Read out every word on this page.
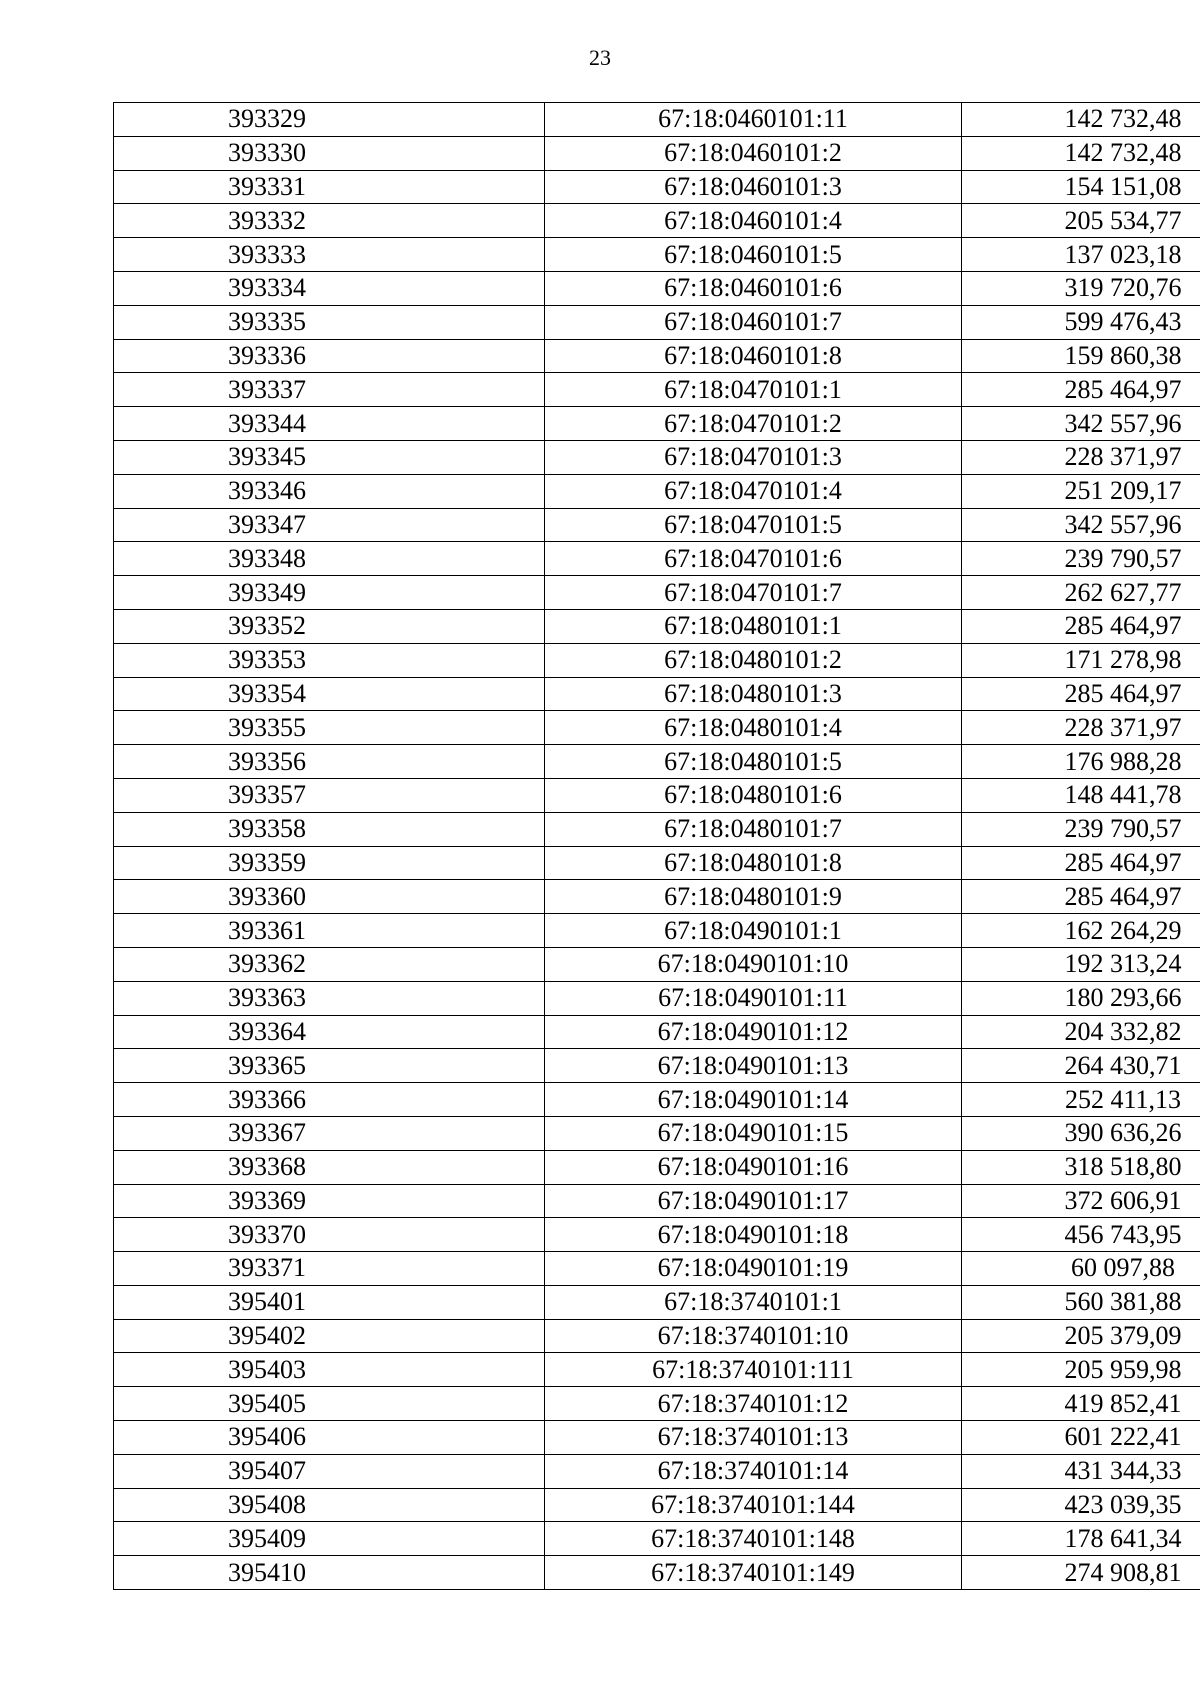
23
393329	67:18:0460101:11	142 732,48
393330	67:18:0460101:2	142 732,48
393331	67:18:0460101:3	154 151,08
393332	67:18:0460101:4	205 534,77
393333	67:18:0460101:5	137 023,18
393334	67:18:0460101:6	319 720,76
393335	67:18:0460101:7	599 476,43
393336	67:18:0460101:8	159 860,38
393337	67:18:0470101:1	285 464,97
393344	67:18:0470101:2	342 557,96
393345	67:18:0470101:3	228 371,97
393346	67:18:0470101:4	251 209,17
393347	67:18:0470101:5	342 557,96
393348	67:18:0470101:6	239 790,57
393349	67:18:0470101:7	262 627,77
393352	67:18:0480101:1	285 464,97
393353	67:18:0480101:2	171 278,98
393354	67:18:0480101:3	285 464,97
393355	67:18:0480101:4	228 371,97
393356	67:18:0480101:5	176 988,28
393357	67:18:0480101:6	148 441,78
393358	67:18:0480101:7	239 790,57
393359	67:18:0480101:8	285 464,97
393360	67:18:0480101:9	285 464,97
393361	67:18:0490101:1	162 264,29
393362	67:18:0490101:10	192 313,24
393363	67:18:0490101:11	180 293,66
393364	67:18:0490101:12	204 332,82
393365	67:18:0490101:13	264 430,71
393366	67:18:0490101:14	252 411,13
393367	67:18:0490101:15	390 636,26
393368	67:18:0490101:16	318 518,80
393369	67:18:0490101:17	372 606,91
393370	67:18:0490101:18	456 743,95
393371	67:18:0490101:19	60 097,88
395401	67:18:3740101:1	560 381,88
395402	67:18:3740101:10	205 379,09
395403	67:18:3740101:111	205 959,98
395405	67:18:3740101:12	419 852,41
395406	67:18:3740101:13	601 222,41
395407	67:18:3740101:14	431 344,33
395408	67:18:3740101:144	423 039,35
395409	67:18:3740101:148	178 641,34
395410	67:18:3740101:149	274 908,81
